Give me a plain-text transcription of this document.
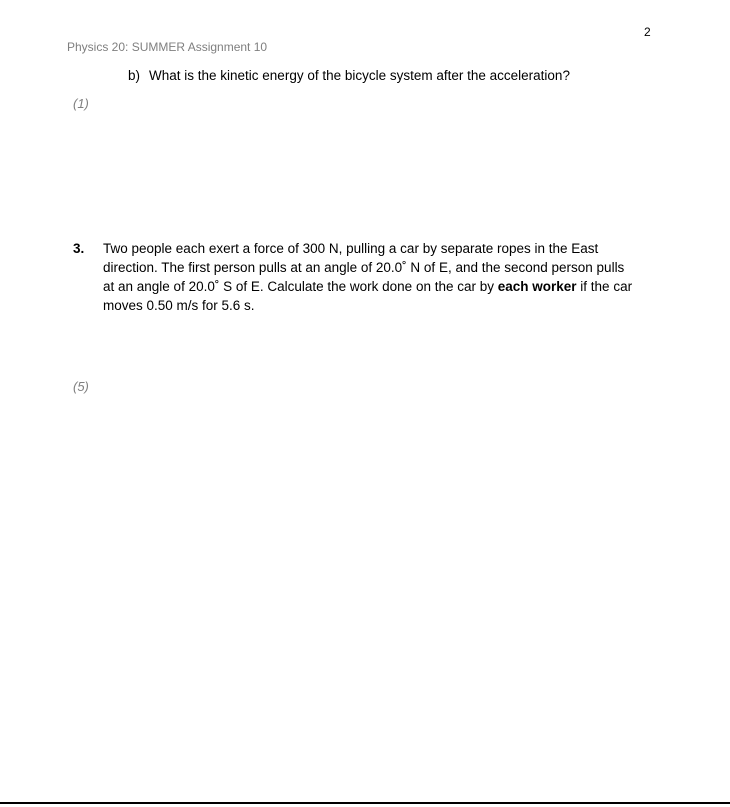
2
Physics 20: SUMMER Assignment 10
b) What is the kinetic energy of the bicycle system after the acceleration?
(1)
3. Two people each exert a force of 300 N, pulling a car by separate ropes in the East
direction. The first person pulls at an angle of 20.0˚ N of E, and the second person pulls
at an angle of 20.0˚ S of E. Calculate the work done on the car by each worker if the car
moves 0.50 m/s for 5.6 s.
(5)
